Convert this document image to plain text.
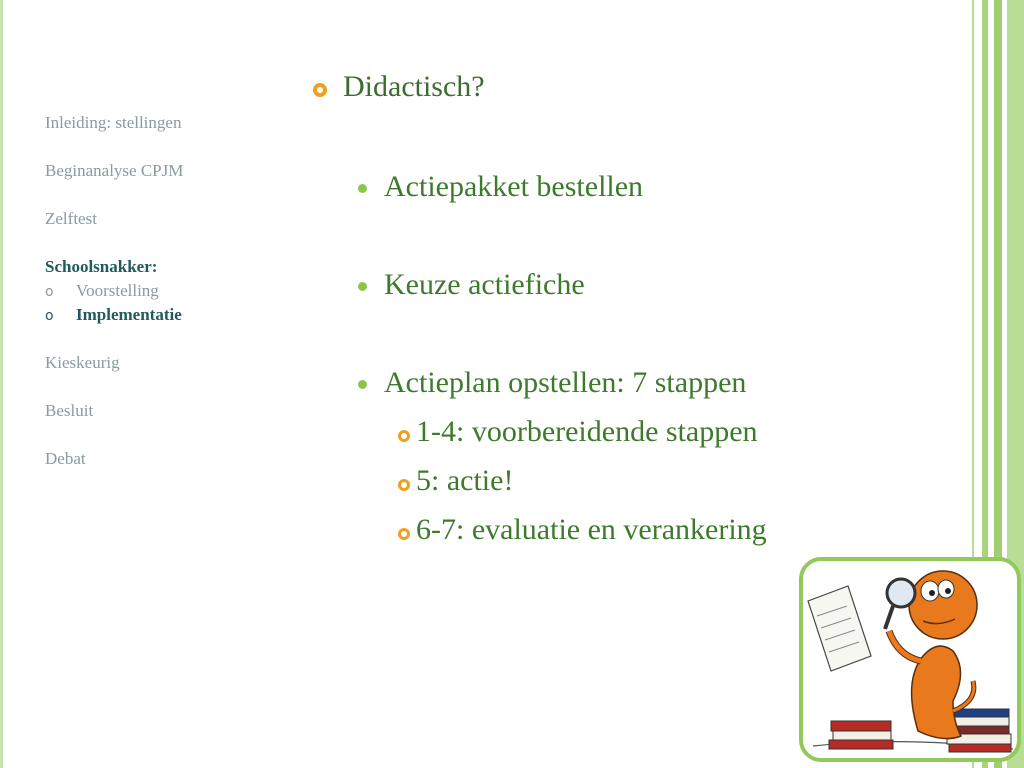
Inleiding: stellingen
Beginanalyse CPJM
Zelftest
Schoolsnakker:
o Voorstelling
o Implementatie
Kieskeurig
Besluit
Debat
Didactisch?
Actiepakket bestellen
Keuze actiefiche
Actieplan opstellen: 7 stappen
1-4: voorbereidende stappen
5: actie!
6-7: evaluatie en verankering
